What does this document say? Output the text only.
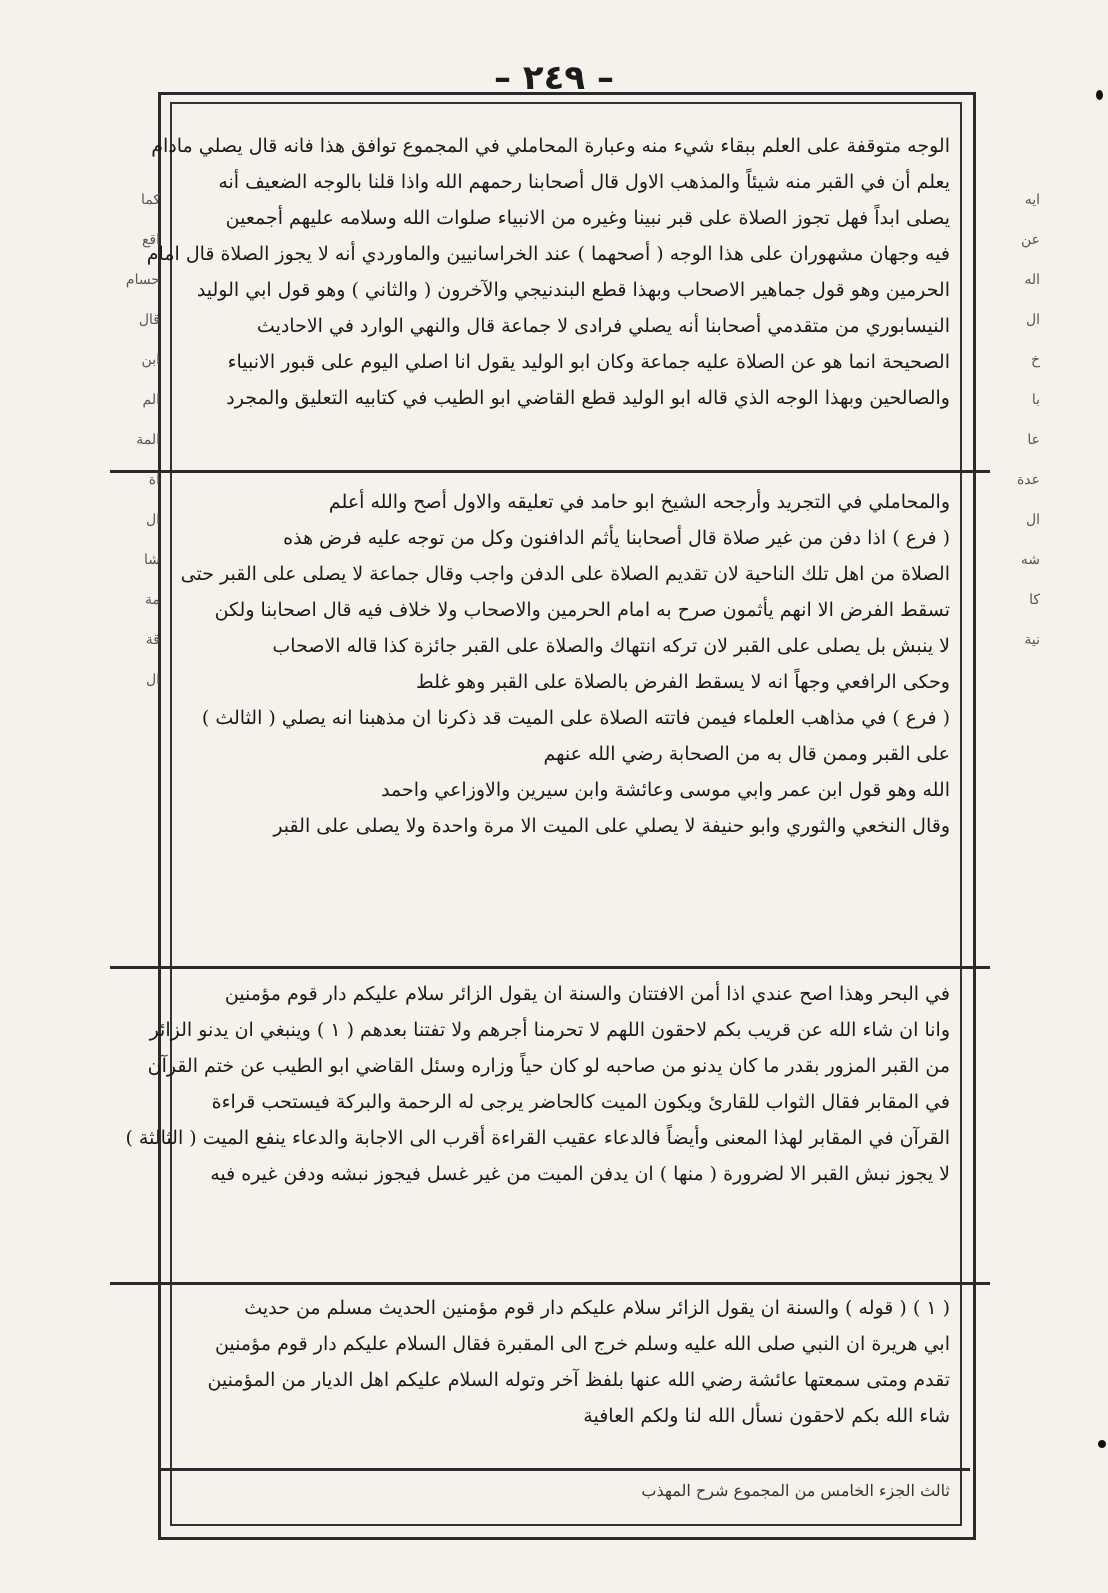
– ٢٤٩ –
الوجه متوقفة على العلم ببقاء شيء منه وعبارة المحاملي في المجموع توافق هذا فانه قال يصلي مادام
يعلم أن في القبر منه شيئاً والمذهب الاول قال أصحابنا رحمهم الله واذا قلنا بالوجه الضعيف أنه
يصلى ابداً فهل تجوز الصلاة على قبر نبينا وغيره من الانبياء صلوات الله وسلامه عليهم أجمعين
فيه وجهان مشهوران على هذا الوجه ( أصحهما ) عند الخراسانيين والماوردي أنه لا يجوز الصلاة قال امام
الحرمين وهو قول جماهير الاصحاب وبهذا قطع البندنيجي والآخرون ( والثاني ) وهو قول ابي الوليد
النيسابوري من متقدمي أصحابنا أنه يصلي فرادى لا جماعة قال والنهي الوارد في الاحاديث
الصحيحة انما هو عن الصلاة عليه جماعة وكان ابو الوليد يقول انا اصلي اليوم على قبور الانبياء
والصالحين وبهذا الوجه الذي قاله ابو الوليد قطع القاضي ابو الطيب في كتابيه التعليق والمجرد
والمحاملي في التجريد وأرجحه الشيخ ابو حامد في تعليقه والاول أصح والله أعلم
( فرع ) اذا دفن من غير صلاة قال أصحابنا يأثم الدافنون وكل من توجه عليه فرض هذه
الصلاة من اهل تلك الناحية لان تقديم الصلاة على الدفن واجب وقال جماعة لا يصلى على القبر حتى
تسقط الفرض الا انهم يأثمون صرح به امام الحرمين والاصحاب ولا خلاف فيه قال اصحابنا ولكن
لا ينبش بل يصلى على القبر لان تركه انتهاك والصلاة على القبر جائزة كذا قاله الاصحاب
وحكى الرافعي وجهاً انه لا يسقط الفرض بالصلاة على القبر وهو غلط
( فرع ) في مذاهب العلماء فيمن فاتته الصلاة على الميت قد ذكرنا ان مذهبنا انه يصلي ( الثالث )
على القبر وممن قال به من الصحابة رضي الله عنهم
الله وهو قول ابن عمر وابي موسى وعائشة وابن سيرين والاوزاعي واحمد
وقال النخعي والثوري وابو حنيفة لا يصلي على الميت الا مرة واحدة ولا يصلى على القبر
في البحر وهذا اصح عندي اذا أمن الافتتان والسنة ان يقول الزائر سلام عليكم دار قوم مؤمنين
وانا ان شاء الله عن قريب بكم لاحقون اللهم لا تحرمنا أجرهم ولا تفتنا بعدهم ( ١ ) وينبغي ان يدنو الزائر
من القبر المزور بقدر ما كان يدنو من صاحبه لو كان حياً وزاره وسئل القاضي ابو الطيب عن ختم القرآن
في المقابر فقال الثواب للقارئ ويكون الميت كالحاضر يرجى له الرحمة والبركة فيستحب قراءة
القرآن في المقابر لهذا المعنى وأيضاً فالدعاء عقيب القراءة أقرب الى الاجابة والدعاء ينفع الميت ( الثالثة )
لا يجوز نبش القبر الا لضرورة ( منها ) ان يدفن الميت من غير غسل فيجوز نبشه ودفن غيره فيه
( ١ ) ( قوله ) والسنة ان يقول الزائر سلام عليكم دار قوم مؤمنين الحديث مسلم من حديث
ابي هريرة ان النبي صلى الله عليه وسلم خرج الى المقبرة فقال السلام عليكم دار قوم مؤمنين
تقدم ومتى سمعتها عائشة رضي الله عنها بلفظ آخر وتوله السلام عليكم اهل الديار من المؤمنين
شاء الله بكم لاحقون نسأل الله لنا ولكم العافية
ثالث الجزء الخامس من المجموع شرح المهذب
كما
اقع
حسام
قال
ابن
الم
المة
اة
ال
شا
مة
قة
ال
ايه
عن
اله
ال
خ
با
عا
عدة
ال
شه
كا
نية
